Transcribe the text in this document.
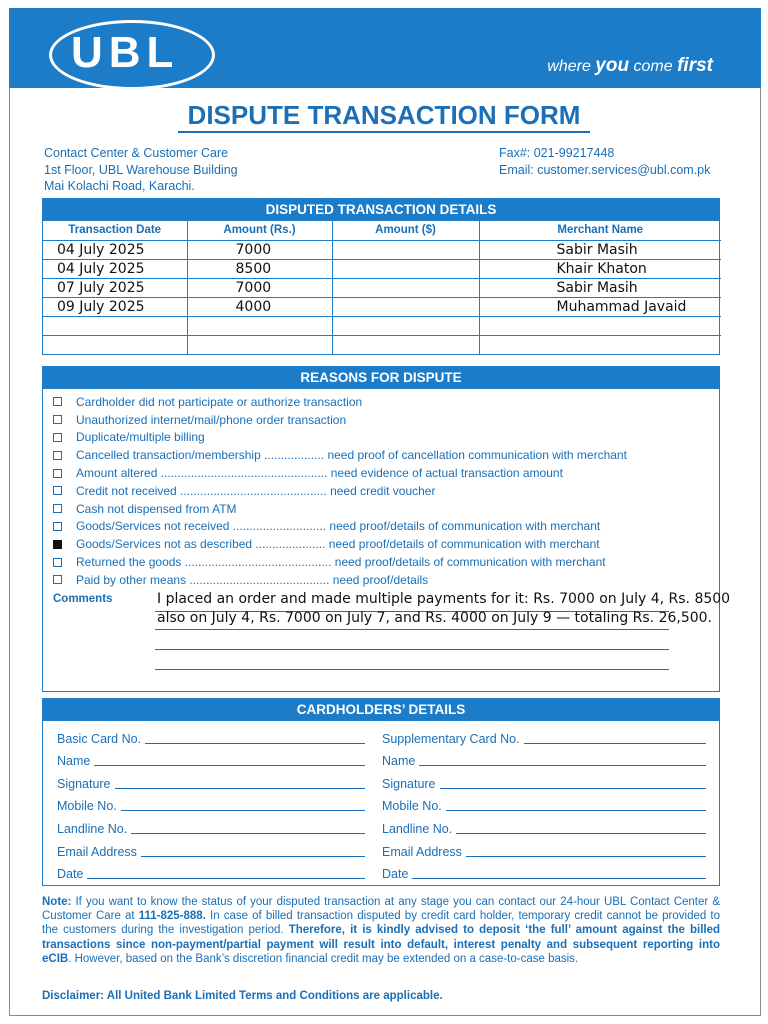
UBL	where you come first
DISPUTE TRANSACTION FORM
Contact Center & Customer Care
1st Floor, UBL Warehouse Building
Mai Kolachi Road, Karachi.
Fax#: 021-99217448
Email: customer.services@ubl.com.pk
DISPUTED TRANSACTION DETAILS
Transaction Date	Amount (Rs.)	Amount ($)	Merchant Name
04 July 2025	7000		Sabir Masih
04 July 2025	8500		Khair Khaton
07 July 2025	7000		Sabir Masih
09 July 2025	4000		Muhammad Javaid

REASONS FOR DISPUTE
Cardholder did not participate or authorize transaction
Unauthorized internet/mail/phone order transaction
Duplicate/multiple billing
Cancelled transaction/membership .................. need proof of cancellation communication with merchant
Amount altered .................................................. need evidence of actual transaction amount
Credit not received ............................................ need credit voucher
Cash not dispensed from ATM
Goods/Services not received ............................ need proof/details of communication with merchant
Goods/Services not as described ..................... need proof/details of communication with merchant
Returned the goods ............................................ need proof/details of communication with merchant
Paid by other means .......................................... need proof/details
Comments	I placed an order and made multiple payments for it: Rs. 7000 on July 4, Rs. 8500
also on July 4, Rs. 7000 on July 7, and Rs. 4000 on July 9 — totaling Rs. 26,500.
CARDHOLDERS’ DETAILS
Basic Card No.
Name
Signature
Mobile No.
Landline No.
Email Address
Date
Supplementary Card No.
Name
Signature
Mobile No.
Landline No.
Email Address
Date
Note: If you want to know the status of your disputed transaction at any stage you can contact our 24-hour UBL Contact Center & Customer Care at 111-825-888. In case of billed transaction disputed by credit card holder, temporary credit cannot be provided to the customers during the investigation period. Therefore, it is kindly advised to deposit ‘the full’ amount against the billed transactions since non-payment/partial payment will result into default, interest penalty and subsequent reporting into eCIB. However, based on the Bank’s discretion financial credit may be extended on a case-to-case basis.
Disclaimer: All United Bank Limited Terms and Conditions are applicable.
